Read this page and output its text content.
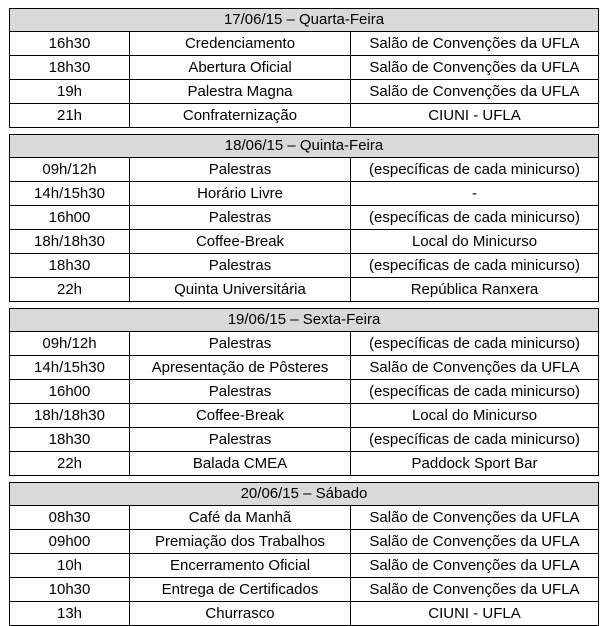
17/06/15 – Quarta-Feira
16h30	Credenciamento	Salão de Convenções da UFLA
18h30	Abertura Oficial	Salão de Convenções da UFLA
19h	Palestra Magna	Salão de Convenções da UFLA
21h	Confraternização	CIUNI - UFLA
18/06/15 – Quinta-Feira
09h/12h	Palestras	(específicas de cada minicurso)
14h/15h30	Horário Livre	-
16h00	Palestras	(específicas de cada minicurso)
18h/18h30	Coffee-Break	Local do Minicurso
18h30	Palestras	(específicas de cada minicurso)
22h	Quinta Universitária	República Ranxera
19/06/15 – Sexta-Feira
09h/12h	Palestras	(específicas de cada minicurso)
14h/15h30	Apresentação de Pôsteres	Salão de Convenções da UFLA
16h00	Palestras	(específicas de cada minicurso)
18h/18h30	Coffee-Break	Local do Minicurso
18h30	Palestras	(específicas de cada minicurso)
22h	Balada CMEA	Paddock Sport Bar
20/06/15 – Sábado
08h30	Café da Manhã	Salão de Convenções da UFLA
09h00	Premiação dos Trabalhos	Salão de Convenções da UFLA
10h	Encerramento Oficial	Salão de Convenções da UFLA
10h30	Entrega de Certificados	Salão de Convenções da UFLA
13h	Churrasco	CIUNI - UFLA
